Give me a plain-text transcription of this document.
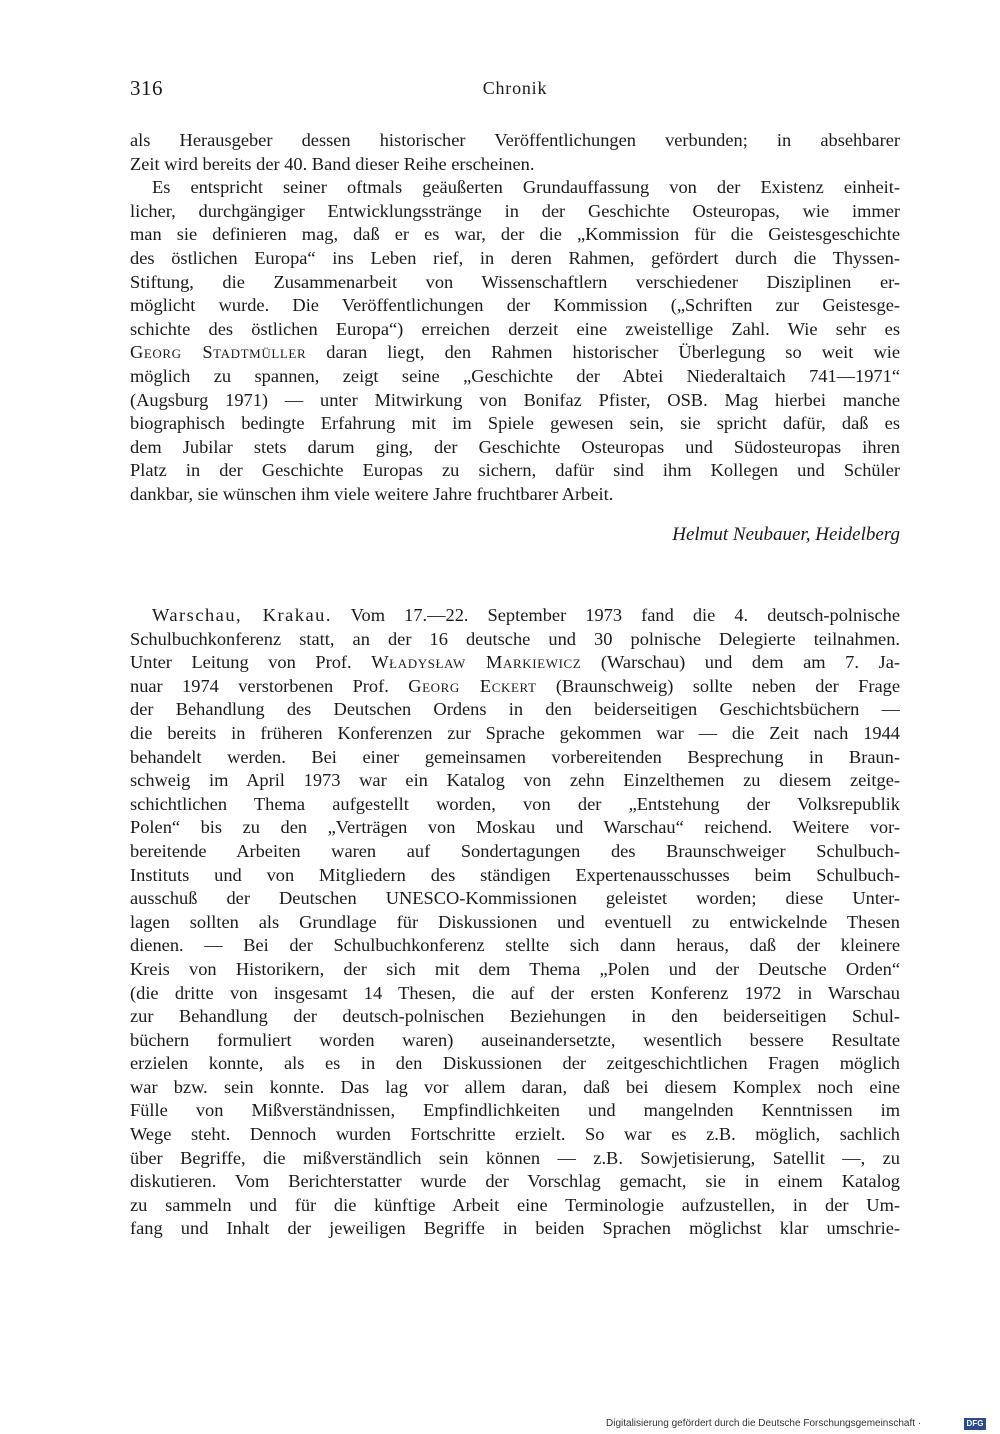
316	Chronik
als Herausgeber dessen historischer Veröffentlichungen verbunden; in absehbarer
Zeit wird bereits der 40. Band dieser Reihe erscheinen.
Es entspricht seiner oftmals geäußerten Grundauffassung von der Existenz einheit-
licher, durchgängiger Entwicklungsstränge in der Geschichte Osteuropas, wie immer
man sie definieren mag, daß er es war, der die „Kommission für die Geistesgeschichte
des östlichen Europa“ ins Leben rief, in deren Rahmen, gefördert durch die Thyssen-
Stiftung, die Zusammenarbeit von Wissenschaftlern verschiedener Disziplinen er-
möglicht wurde. Die Veröffentlichungen der Kommission („Schriften zur Geistesge-
schichte des östlichen Europa“) erreichen derzeit eine zweistellige Zahl. Wie sehr es
Georg Stadtmüller daran liegt, den Rahmen historischer Überlegung so weit wie
möglich zu spannen, zeigt seine „Geschichte der Abtei Niederaltaich 741—1971“
(Augsburg 1971) — unter Mitwirkung von Bonifaz Pfister, OSB. Mag hierbei manche
biographisch bedingte Erfahrung mit im Spiele gewesen sein, sie spricht dafür, daß es
dem Jubilar stets darum ging, der Geschichte Osteuropas und Südosteuropas ihren
Platz in der Geschichte Europas zu sichern, dafür sind ihm Kollegen und Schüler
dankbar, sie wünschen ihm viele weitere Jahre fruchtbarer Arbeit.
Helmut Neubauer, Heidelberg
Warschau, Krakau. Vom 17.—22. September 1973 fand die 4. deutsch-polnische
Schulbuchkonferenz statt, an der 16 deutsche und 30 polnische Delegierte teilnahmen.
Unter Leitung von Prof. Władysław Markiewicz (Warschau) und dem am 7. Ja-
nuar 1974 verstorbenen Prof. Georg Eckert (Braunschweig) sollte neben der Frage
der Behandlung des Deutschen Ordens in den beiderseitigen Geschichtsbüchern —
die bereits in früheren Konferenzen zur Sprache gekommen war — die Zeit nach 1944
behandelt werden. Bei einer gemeinsamen vorbereitenden Besprechung in Braun-
schweig im April 1973 war ein Katalog von zehn Einzelthemen zu diesem zeitge-
schichtlichen Thema aufgestellt worden, von der „Entstehung der Volksrepublik
Polen“ bis zu den „Verträgen von Moskau und Warschau“ reichend. Weitere vor-
bereitende Arbeiten waren auf Sondertagungen des Braunschweiger Schulbuch-
Instituts und von Mitgliedern des ständigen Expertenausschusses beim Schulbuch-
ausschuß der Deutschen UNESCO-Kommissionen geleistet worden; diese Unter-
lagen sollten als Grundlage für Diskussionen und eventuell zu entwickelnde Thesen
dienen. — Bei der Schulbuchkonferenz stellte sich dann heraus, daß der kleinere
Kreis von Historikern, der sich mit dem Thema „Polen und der Deutsche Orden“
(die dritte von insgesamt 14 Thesen, die auf der ersten Konferenz 1972 in Warschau
zur Behandlung der deutsch-polnischen Beziehungen in den beiderseitigen Schul-
büchern formuliert worden waren) auseinandersetzte, wesentlich bessere Resultate
erzielen konnte, als es in den Diskussionen der zeitgeschichtlichen Fragen möglich
war bzw. sein konnte. Das lag vor allem daran, daß bei diesem Komplex noch eine
Fülle von Mißverständnissen, Empfindlichkeiten und mangelnden Kenntnissen im
Wege steht. Dennoch wurden Fortschritte erzielt. So war es z.B. möglich, sachlich
über Begriffe, die mißverständlich sein können — z.B. Sowjetisierung, Satellit —, zu
diskutieren. Vom Berichterstatter wurde der Vorschlag gemacht, sie in einem Katalog
zu sammeln und für die künftige Arbeit eine Terminologie aufzustellen, in der Um-
fang und Inhalt der jeweiligen Begriffe in beiden Sprachen möglichst klar umschrie-
Digitalisierung gefördert durch die Deutsche Forschungsgemeinschaft ·	DFG
